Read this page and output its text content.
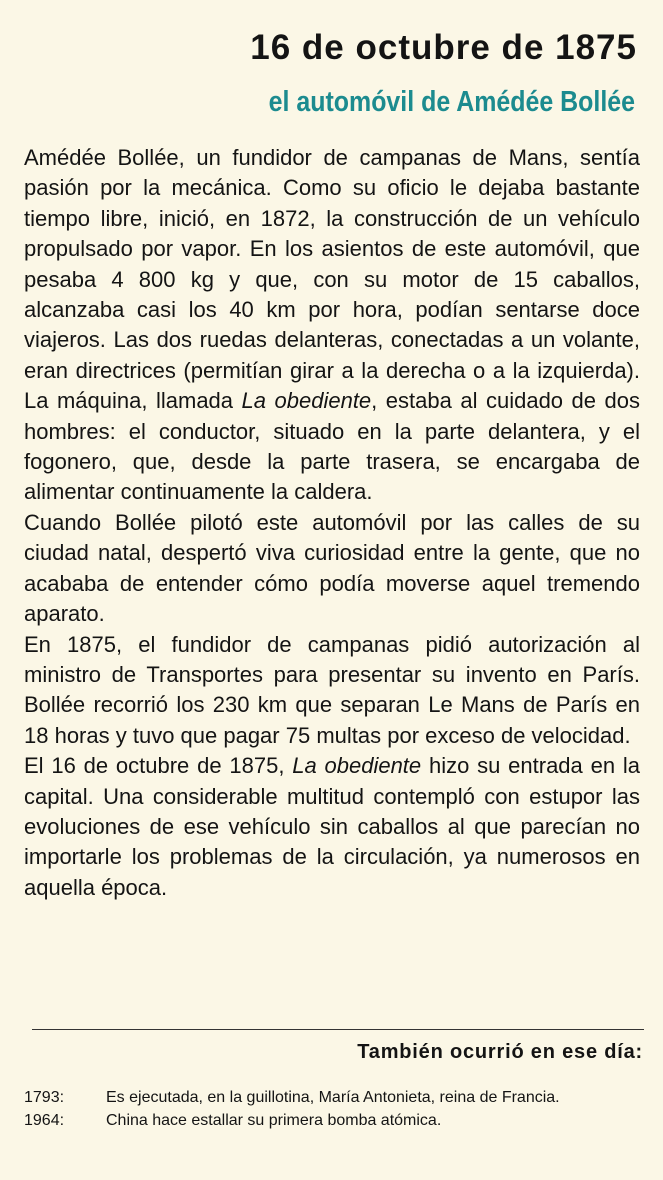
16 de octubre de 1875
el automóvil de Amédée Bollée

Amédée Bollée, un fundidor de campanas de Mans, sentía pasión por la mecánica. Como su oficio le dejaba bastante tiempo libre, inició, en 1872, la construcción de un vehículo propulsado por vapor. En los asientos de este automóvil, que pesaba 4 800 kg y que, con su motor de 15 caballos, alcanzaba casi los 40 km por hora, podían sentarse doce viajeros. Las dos ruedas delanteras, conectadas a un volante, eran directrices (permitían girar a la derecha o a la izquierda). La máquina, llamada La obediente, estaba al cuidado de dos hombres: el conductor, situado en la parte delantera, y el fogonero, que, desde la parte trasera, se encargaba de alimentar continuamente la caldera.

Cuando Bollée pilotó este automóvil por las calles de su ciudad natal, despertó viva curiosidad entre la gente, que no acababa de entender cómo podía moverse aquel tremendo aparato.

En 1875, el fundidor de campanas pidió autorización al ministro de Transportes para presentar su invento en París. Bollée recorrió los 230 km que separan Le Mans de París en 18 horas y tuvo que pagar 75 multas por exceso de velocidad.

El 16 de octubre de 1875, La obediente hizo su entrada en la capital. Una considerable multitud contempló con estupor las evoluciones de ese vehículo sin caballos al que parecían no importarle los problemas de la circulación, ya numerosos en aquella época.

También ocurrió en ese día:
1793:	Es ejecutada, en la guillotina, María Antonieta, reina de Francia.
1964:	China hace estallar su primera bomba atómica.
